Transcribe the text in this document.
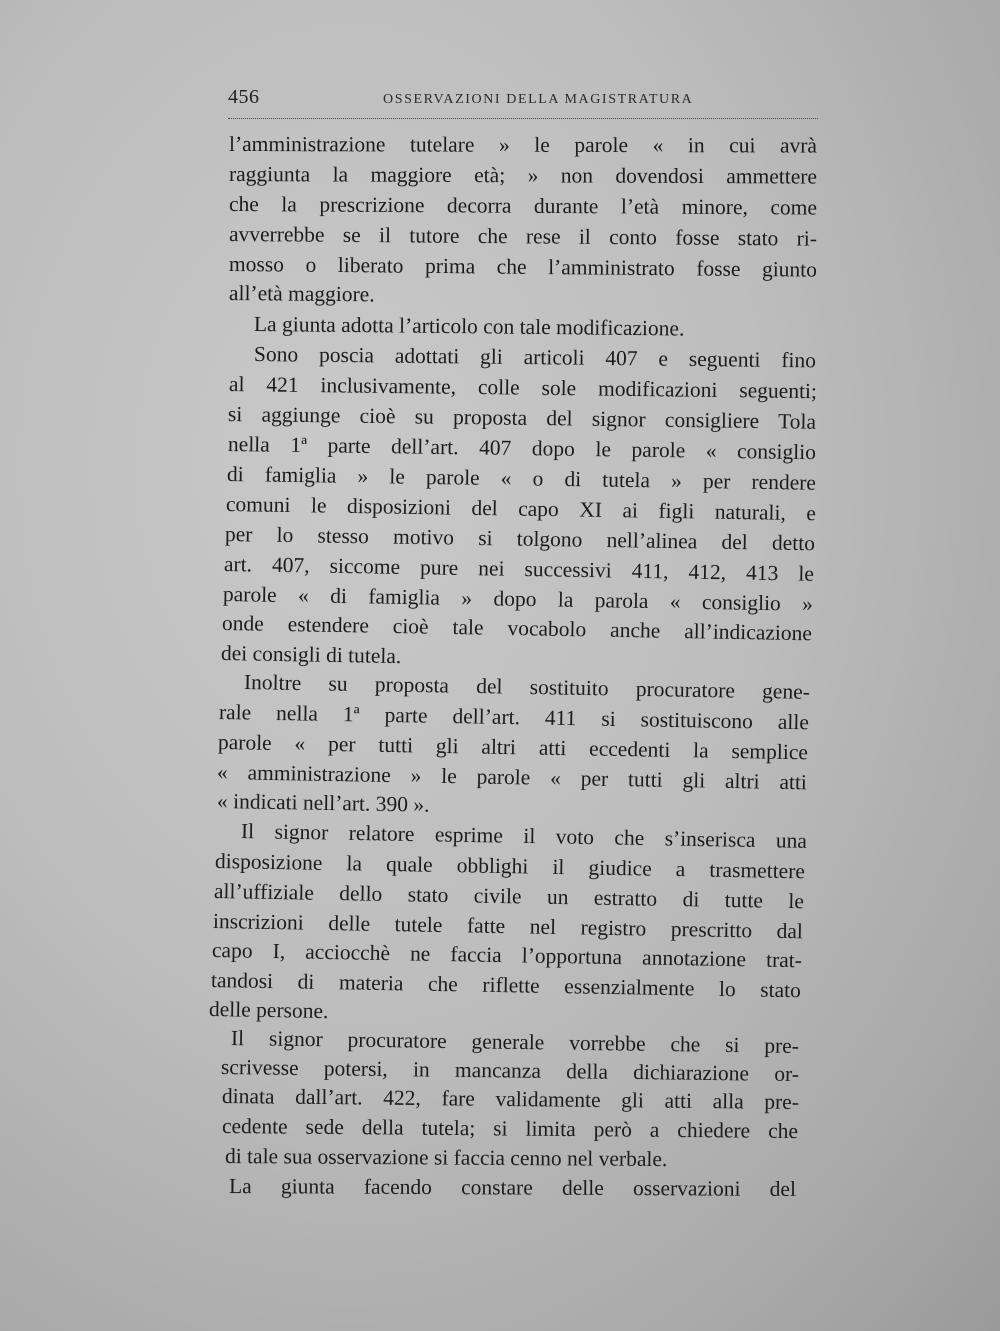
456	OSSERVAZIONI DELLA MAGISTRATURA
l’amministrazione tutelare » le parole « in cui avrà
raggiunta la maggiore età; » non dovendosi ammettere
che la prescrizione decorra durante l’età minore, come
avverrebbe se il tutore che rese il conto fosse stato ri-
mosso o liberato prima che l’amministrato fosse giunto
all’età maggiore.
La giunta adotta l’articolo con tale modificazione.
Sono poscia adottati gli articoli 407 e seguenti fino
al 421 inclusivamente, colle sole modificazioni seguenti;
si aggiunge cioè su proposta del signor consigliere Tola
nella 1ª parte dell’art. 407 dopo le parole « consiglio
di famiglia » le parole « o di tutela » per rendere
comuni le disposizioni del capo XI ai figli naturali, e
per lo stesso motivo si tolgono nell’alinea del detto
art. 407, siccome pure nei successivi 411, 412, 413 le
parole « di famiglia » dopo la parola « consiglio »
onde estendere cioè tale vocabolo anche all’indicazione
dei consigli di tutela.
Inoltre su proposta del sostituito procuratore gene-
rale nella 1ª parte dell’art. 411 si sostituiscono alle
parole « per tutti gli altri atti eccedenti la semplice
« amministrazione » le parole « per tutti gli altri atti
« indicati nell’art. 390 ».
Il signor relatore esprime il voto che s’inserisca una
disposizione la quale obblighi il giudice a trasmettere
all’uffiziale dello stato civile un estratto di tutte le
inscrizioni delle tutele fatte nel registro prescritto dal
capo I, acciocchè ne faccia l’opportuna annotazione trat-
tandosi di materia che riflette essenzialmente lo stato
delle persone.
Il signor procuratore generale vorrebbe che si pre-
scrivesse potersi, in mancanza della dichiarazione or-
dinata dall’art. 422, fare validamente gli atti alla pre-
cedente sede della tutela; si limita però a chiedere che
di tale sua osservazione si faccia cenno nel verbale.
La giunta facendo constare delle osservazioni del
